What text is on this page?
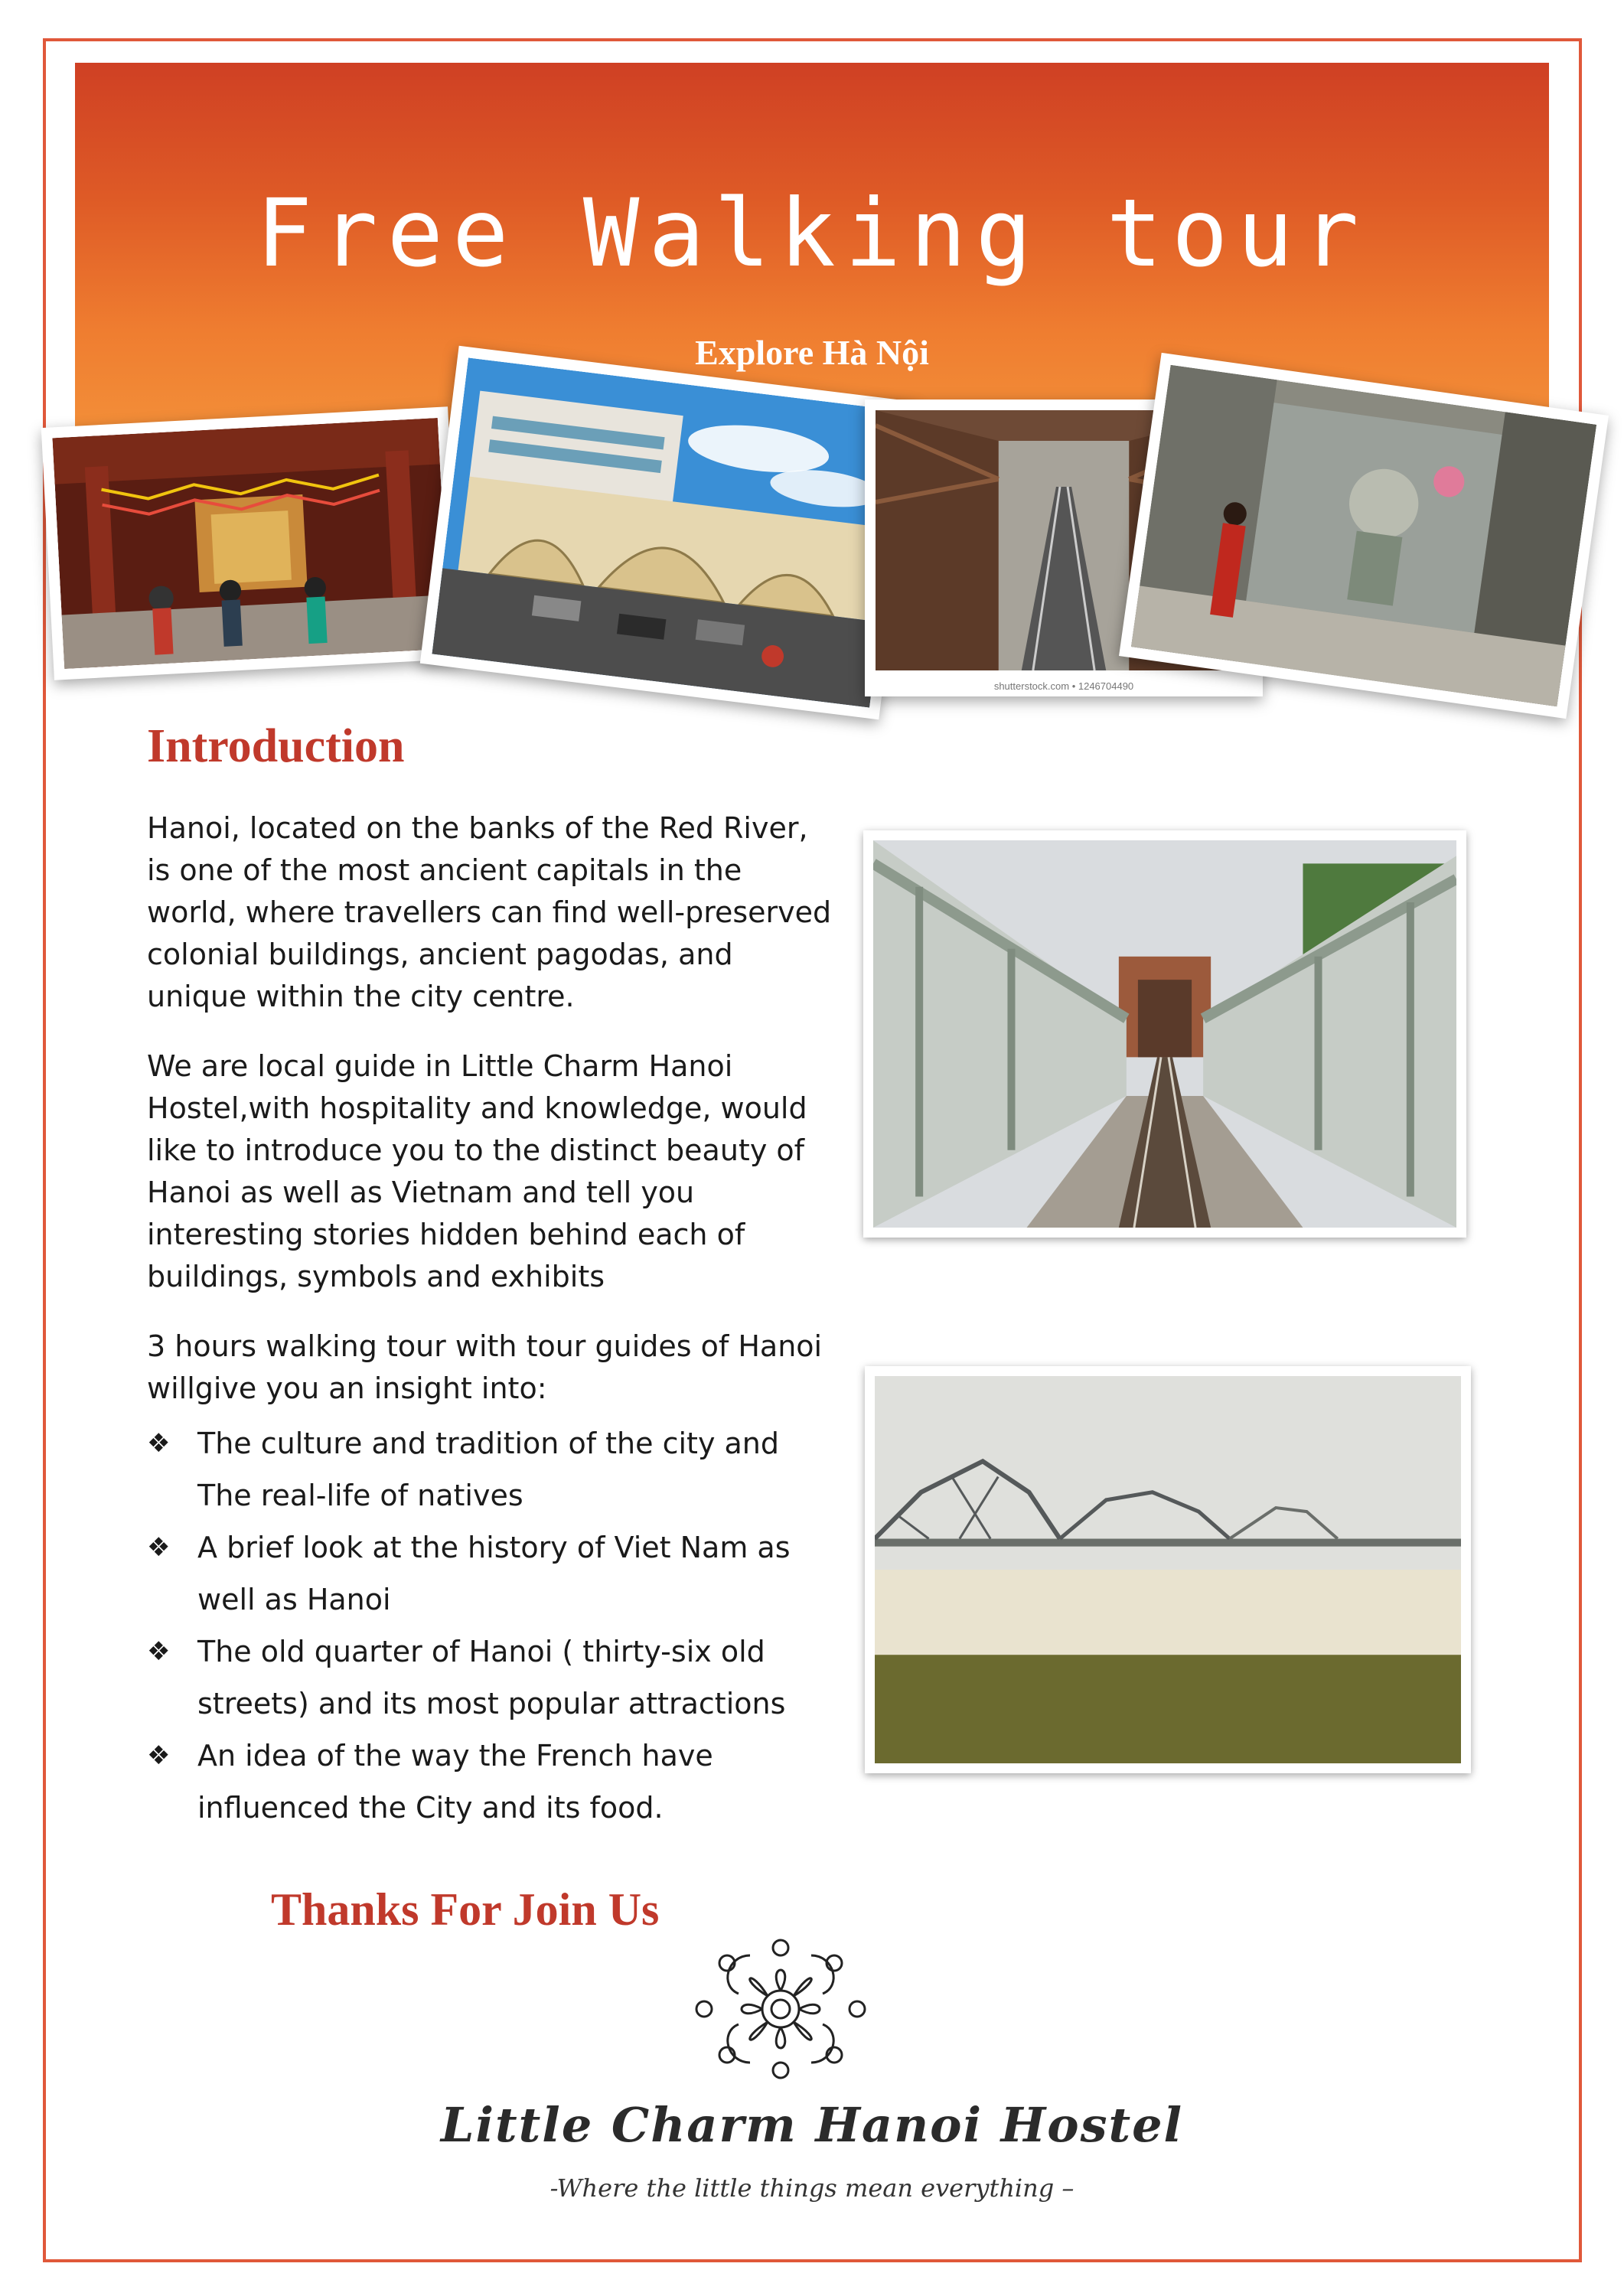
Free Walking tour
Explore Hà Nội
shutterstock.com • 1246704490
Introduction

Hanoi, located on the banks of the Red River, is one of the most ancient capitals in the world, where travellers can find well-preserved colonial buildings, ancient pagodas, and unique within the city centre.

We are local guide in Little Charm Hanoi Hostel,with hospitality and knowledge, would like to introduce you to the distinct beauty of Hanoi as well as Vietnam and tell you interesting stories hidden behind each of buildings, symbols and exhibits

3 hours walking tour with tour guides of Hanoi willgive you an insight into:

❖ The culture and tradition of the city and The real-life of natives
❖ A brief look at the history of Viet Nam as well as Hanoi
❖ The old quarter of Hanoi ( thirty-six old streets) and its most popular attractions
❖ An idea of the way the French have influenced the City and its food.
Thanks For Join Us
Little Charm Hanoi Hostel
-Where the little things mean everything –
